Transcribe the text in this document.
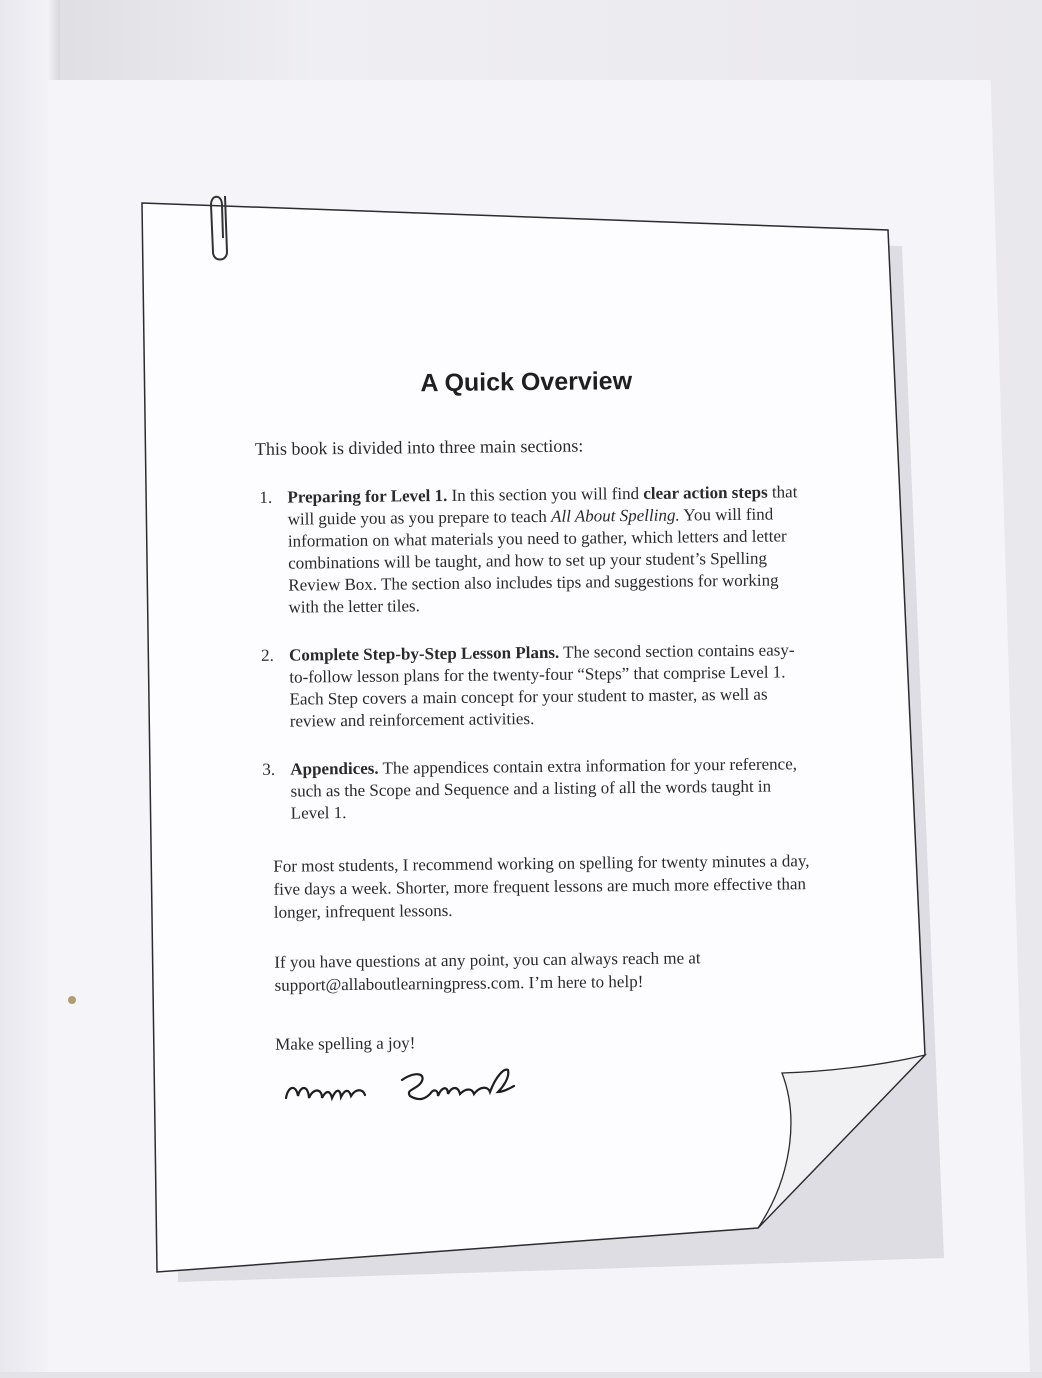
A Quick Overview

This book is divided into three main sections:

1. Preparing for Level 1. In this section you will find clear action steps that will guide you as you prepare to teach All About Spelling. You will find information on what materials you need to gather, which letters and letter combinations will be taught, and how to set up your student’s Spelling Review Box. The section also includes tips and suggestions for working with the letter tiles.
2. Complete Step-by-Step Lesson Plans. The second section contains easy-to-follow lesson plans for the twenty-four “Steps” that comprise Level 1. Each Step covers a main concept for your student to master, as well as review and reinforcement activities.
3. Appendices. The appendices contain extra information for your reference, such as the Scope and Sequence and a listing of all the words taught in Level 1.

For most students, I recommend working on spelling for twenty minutes a day, five days a week. Shorter, more frequent lessons are much more effective than longer, infrequent lessons.

If you have questions at any point, you can always reach me at support@allaboutlearningpress.com. I’m here to help!

Make spelling a joy!
